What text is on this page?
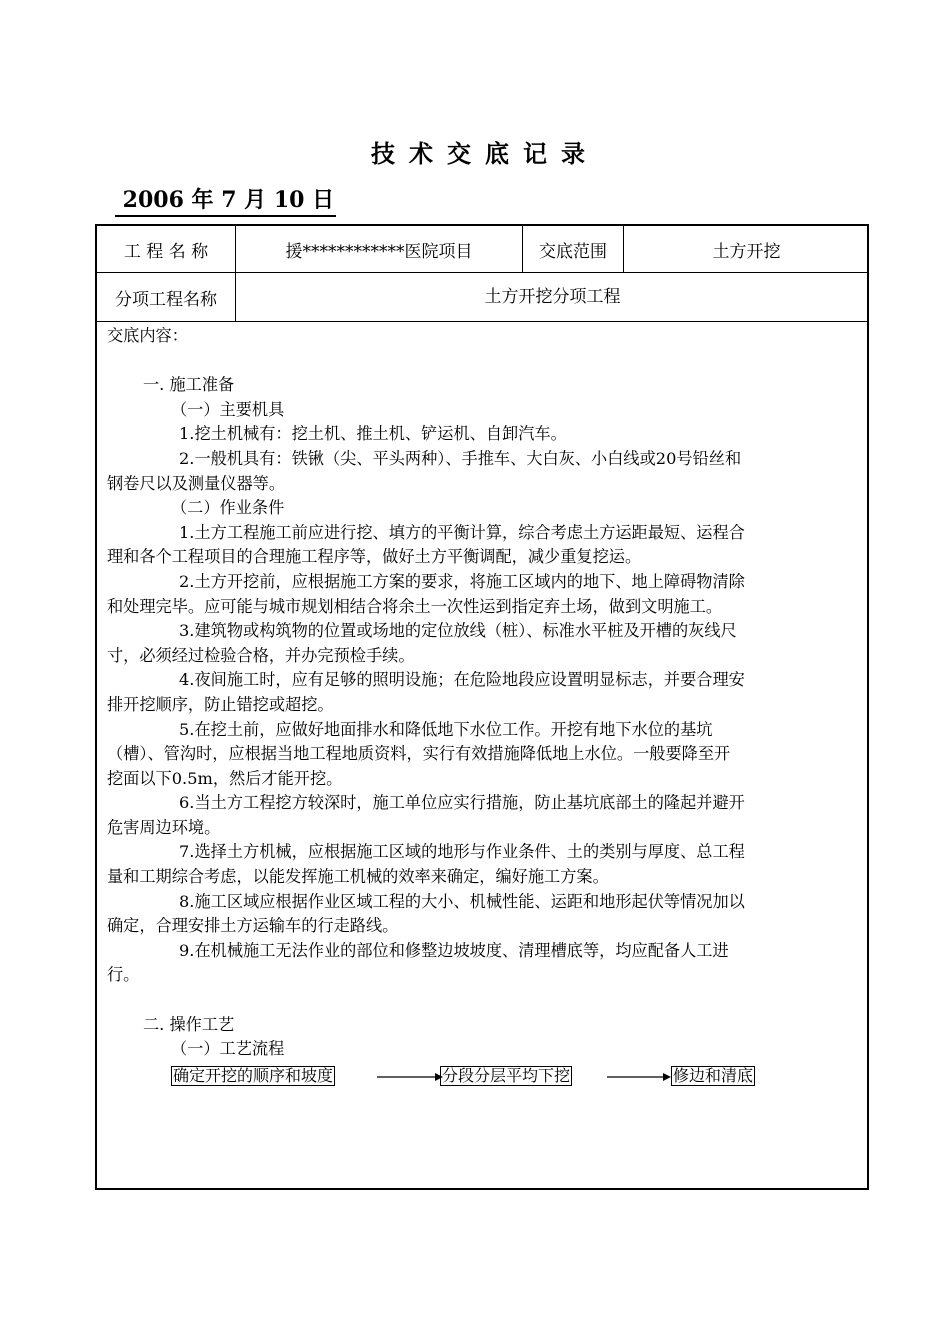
技术交底记录
2006 年 7 月 10 日
工 程 名 称	援************医院项目	交底范围	土方开挖
分项工程名称	土方开挖分项工程

交底内容：

一. 施工准备

（一）主要机具

1.挖土机械有：挖土机、推土机、铲运机、自卸汽车。

2.一般机具有：铁锹（尖、平头两种）、手推车、大白灰、小白线或20号铅丝和

钢卷尺以及测量仪器等。

（二）作业条件

1.土方工程施工前应进行挖、填方的平衡计算，综合考虑土方运距最短、运程合

理和各个工程项目的合理施工程序等，做好土方平衡调配，减少重复挖运。

2.土方开挖前，应根据施工方案的要求，将施工区域内的地下、地上障碍物清除

和处理完毕。应可能与城市规划相结合将余土一次性运到指定弃土场，做到文明施工。

3.建筑物或构筑物的位置或场地的定位放线（桩）、标准水平桩及开槽的灰线尺

寸，必须经过检验合格，并办完预检手续。

4.夜间施工时，应有足够的照明设施；在危险地段应设置明显标志，并要合理安

排开挖顺序，防止错挖或超挖。

5.在挖土前，应做好地面排水和降低地下水位工作。开挖有地下水位的基坑

（槽）、管沟时，应根据当地工程地质资料，实行有效措施降低地上水位。一般要降至开

挖面以下0.5m，然后才能开挖。

6.当土方工程挖方较深时，施工单位应实行措施，防止基坑底部土的隆起并避开

危害周边环境。

7.选择土方机械，应根据施工区域的地形与作业条件、土的类别与厚度、总工程

量和工期综合考虑，以能发挥施工机械的效率来确定，编好施工方案。

8.施工区域应根据作业区域工程的大小、机械性能、运距和地形起伏等情况加以

确定，合理安排土方运输车的行走路线。

9.在机械施工无法作业的部位和修整边坡坡度、清理槽底等，均应配备人工进

行。

二. 操作工艺

（一）工艺流程

确定开挖的顺序和坡度	分段分层平均下挖	修边和清底
